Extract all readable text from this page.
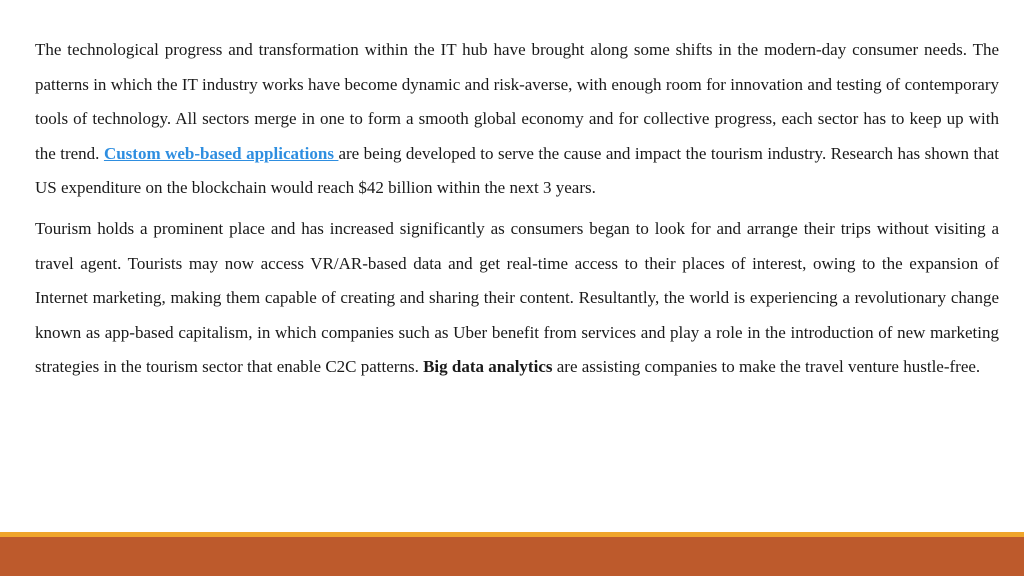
The technological progress and transformation within the IT hub have brought along some shifts in the modern-day consumer needs. The patterns in which the IT industry works have become dynamic and risk-averse, with enough room for innovation and testing of contemporary tools of technology. All sectors merge in one to form a smooth global economy and for collective progress, each sector has to keep up with the trend. Custom web-based applications are being developed to serve the cause and impact the tourism industry. Research has shown that US expenditure on the blockchain would reach $42 billion within the next 3 years.

Tourism holds a prominent place and has increased significantly as consumers began to look for and arrange their trips without visiting a travel agent. Tourists may now access VR/AR-based data and get real-time access to their places of interest, owing to the expansion of Internet marketing, making them capable of creating and sharing their content. Resultantly, the world is experiencing a revolutionary change known as app-based capitalism, in which companies such as Uber benefit from services and play a role in the introduction of new marketing strategies in the tourism sector that enable C2C patterns. Big data analytics are assisting companies to make the travel venture hustle-free.
